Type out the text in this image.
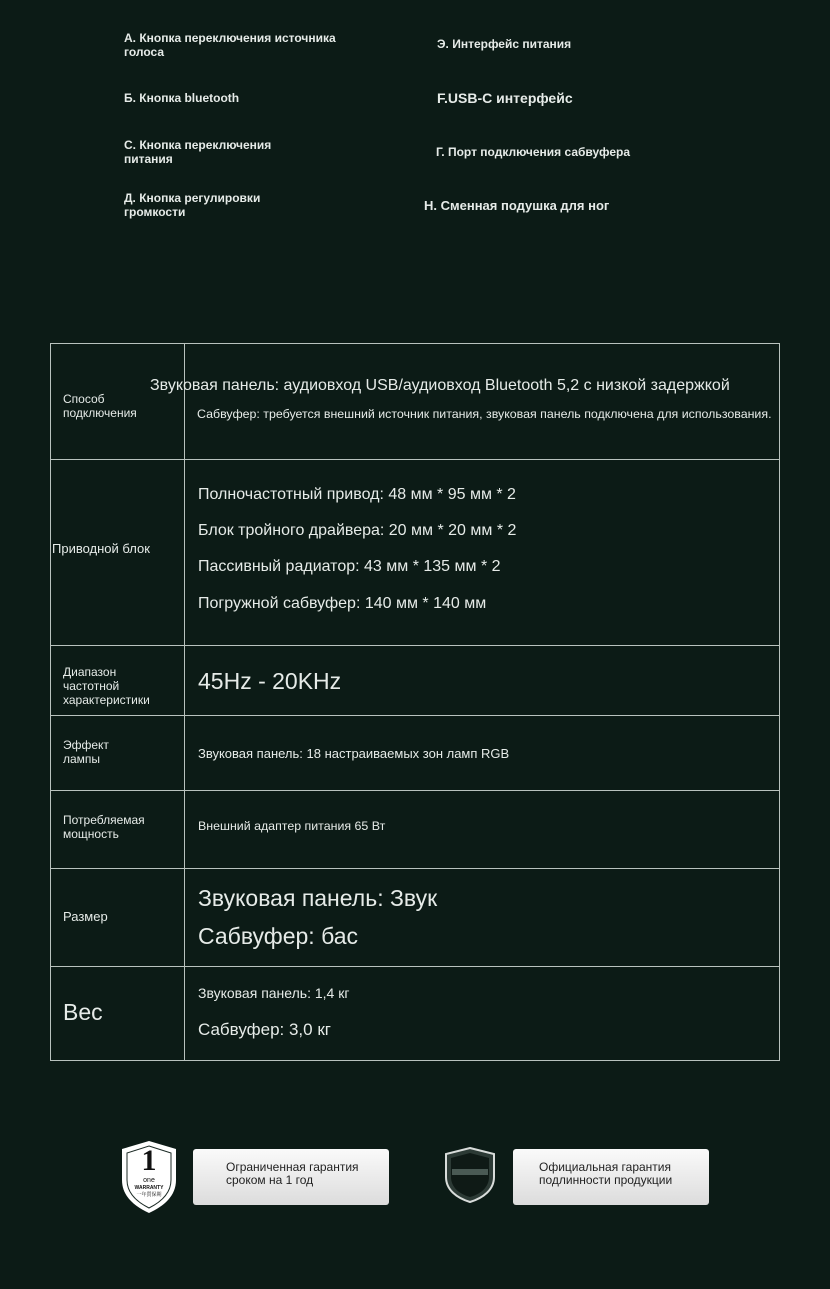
А. Кнопка переключения источника голоса
Б. Кнопка bluetooth
С. Кнопка переключения питания
Д. Кнопка регулировки громкости
Э. Интерфейс питания
F.USB-C интерфейс
Г. Порт подключения сабвуфера
Н. Сменная подушка для ног
Способ подключения
Звуковая панель: аудиовход USB/аудиовход Bluetooth 5,2 с низкой задержкой
Сабвуфер: требуется внешний источник питания, звуковая панель подключена для использования.
Приводной блок
Полночастотный привод: 48 мм * 95 мм * 2
Блок тройного драйвера: 20 мм * 20 мм * 2
Пассивный радиатор: 43 мм * 135 мм * 2
Погружной сабвуфер: 140 мм * 140 мм
Диапазон частотной характеристики
45Hz - 20KHz
Эффект лампы	Звуковая панель: 18 настраиваемых зон ламп RGB
Потребляемая мощность
Внешний адаптер питания 65 Вт
Размер
Звуковая панель: Звук
Сабвуфер: бас
Вес
Звуковая панель: 1,4 кг
Сабвуфер: 3,0 кг
1
one
WARRANTY
一年質保期
Ограниченная гарантия сроком на 1 год
Официальная гарантия подлинности продукции
